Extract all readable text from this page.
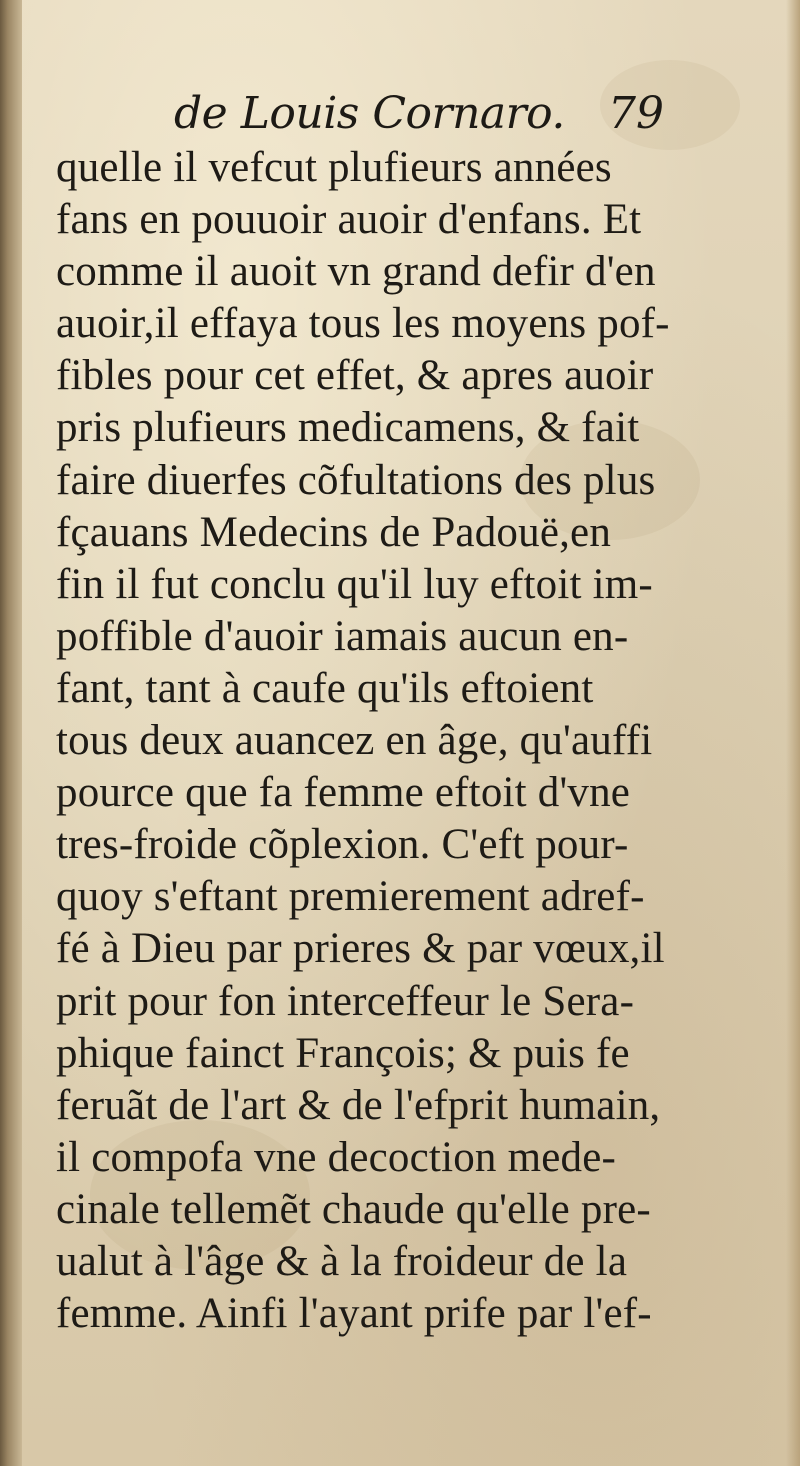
de Louis Cornaro. 79
quelle il vefcut plufieurs années
fans en pouuoir auoir d'enfans. Et
comme il auoit vn grand defir d'en
auoir,il effaya tous les moyens pof-
fibles pour cet effet, & apres auoir
pris plufieurs medicamens, & fait
faire diuerfes cõfultations des plus
fçauans Medecins de Padouë,en
fin il fut conclu qu'il luy eftoit im-
poffible d'auoir iamais aucun en-
fant, tant à caufe qu'ils eftoient
tous deux auancez en âge, qu'auffi
pource que fa femme eftoit d'vne
tres-froide cõplexion. C'eft pour-
quoy s'eftant premierement adref-
fé à Dieu par prieres & par vœux,il
prit pour fon interceffeur le Sera-
phique fainct François; & puis fe
feruãt de l'art & de l'efprit humain,
il compofa vne decoction mede-
cinale tellemẽt chaude qu'elle pre-
ualut à l'âge & à la froideur de la
femme. Ainfi l'ayant prife par l'ef-
